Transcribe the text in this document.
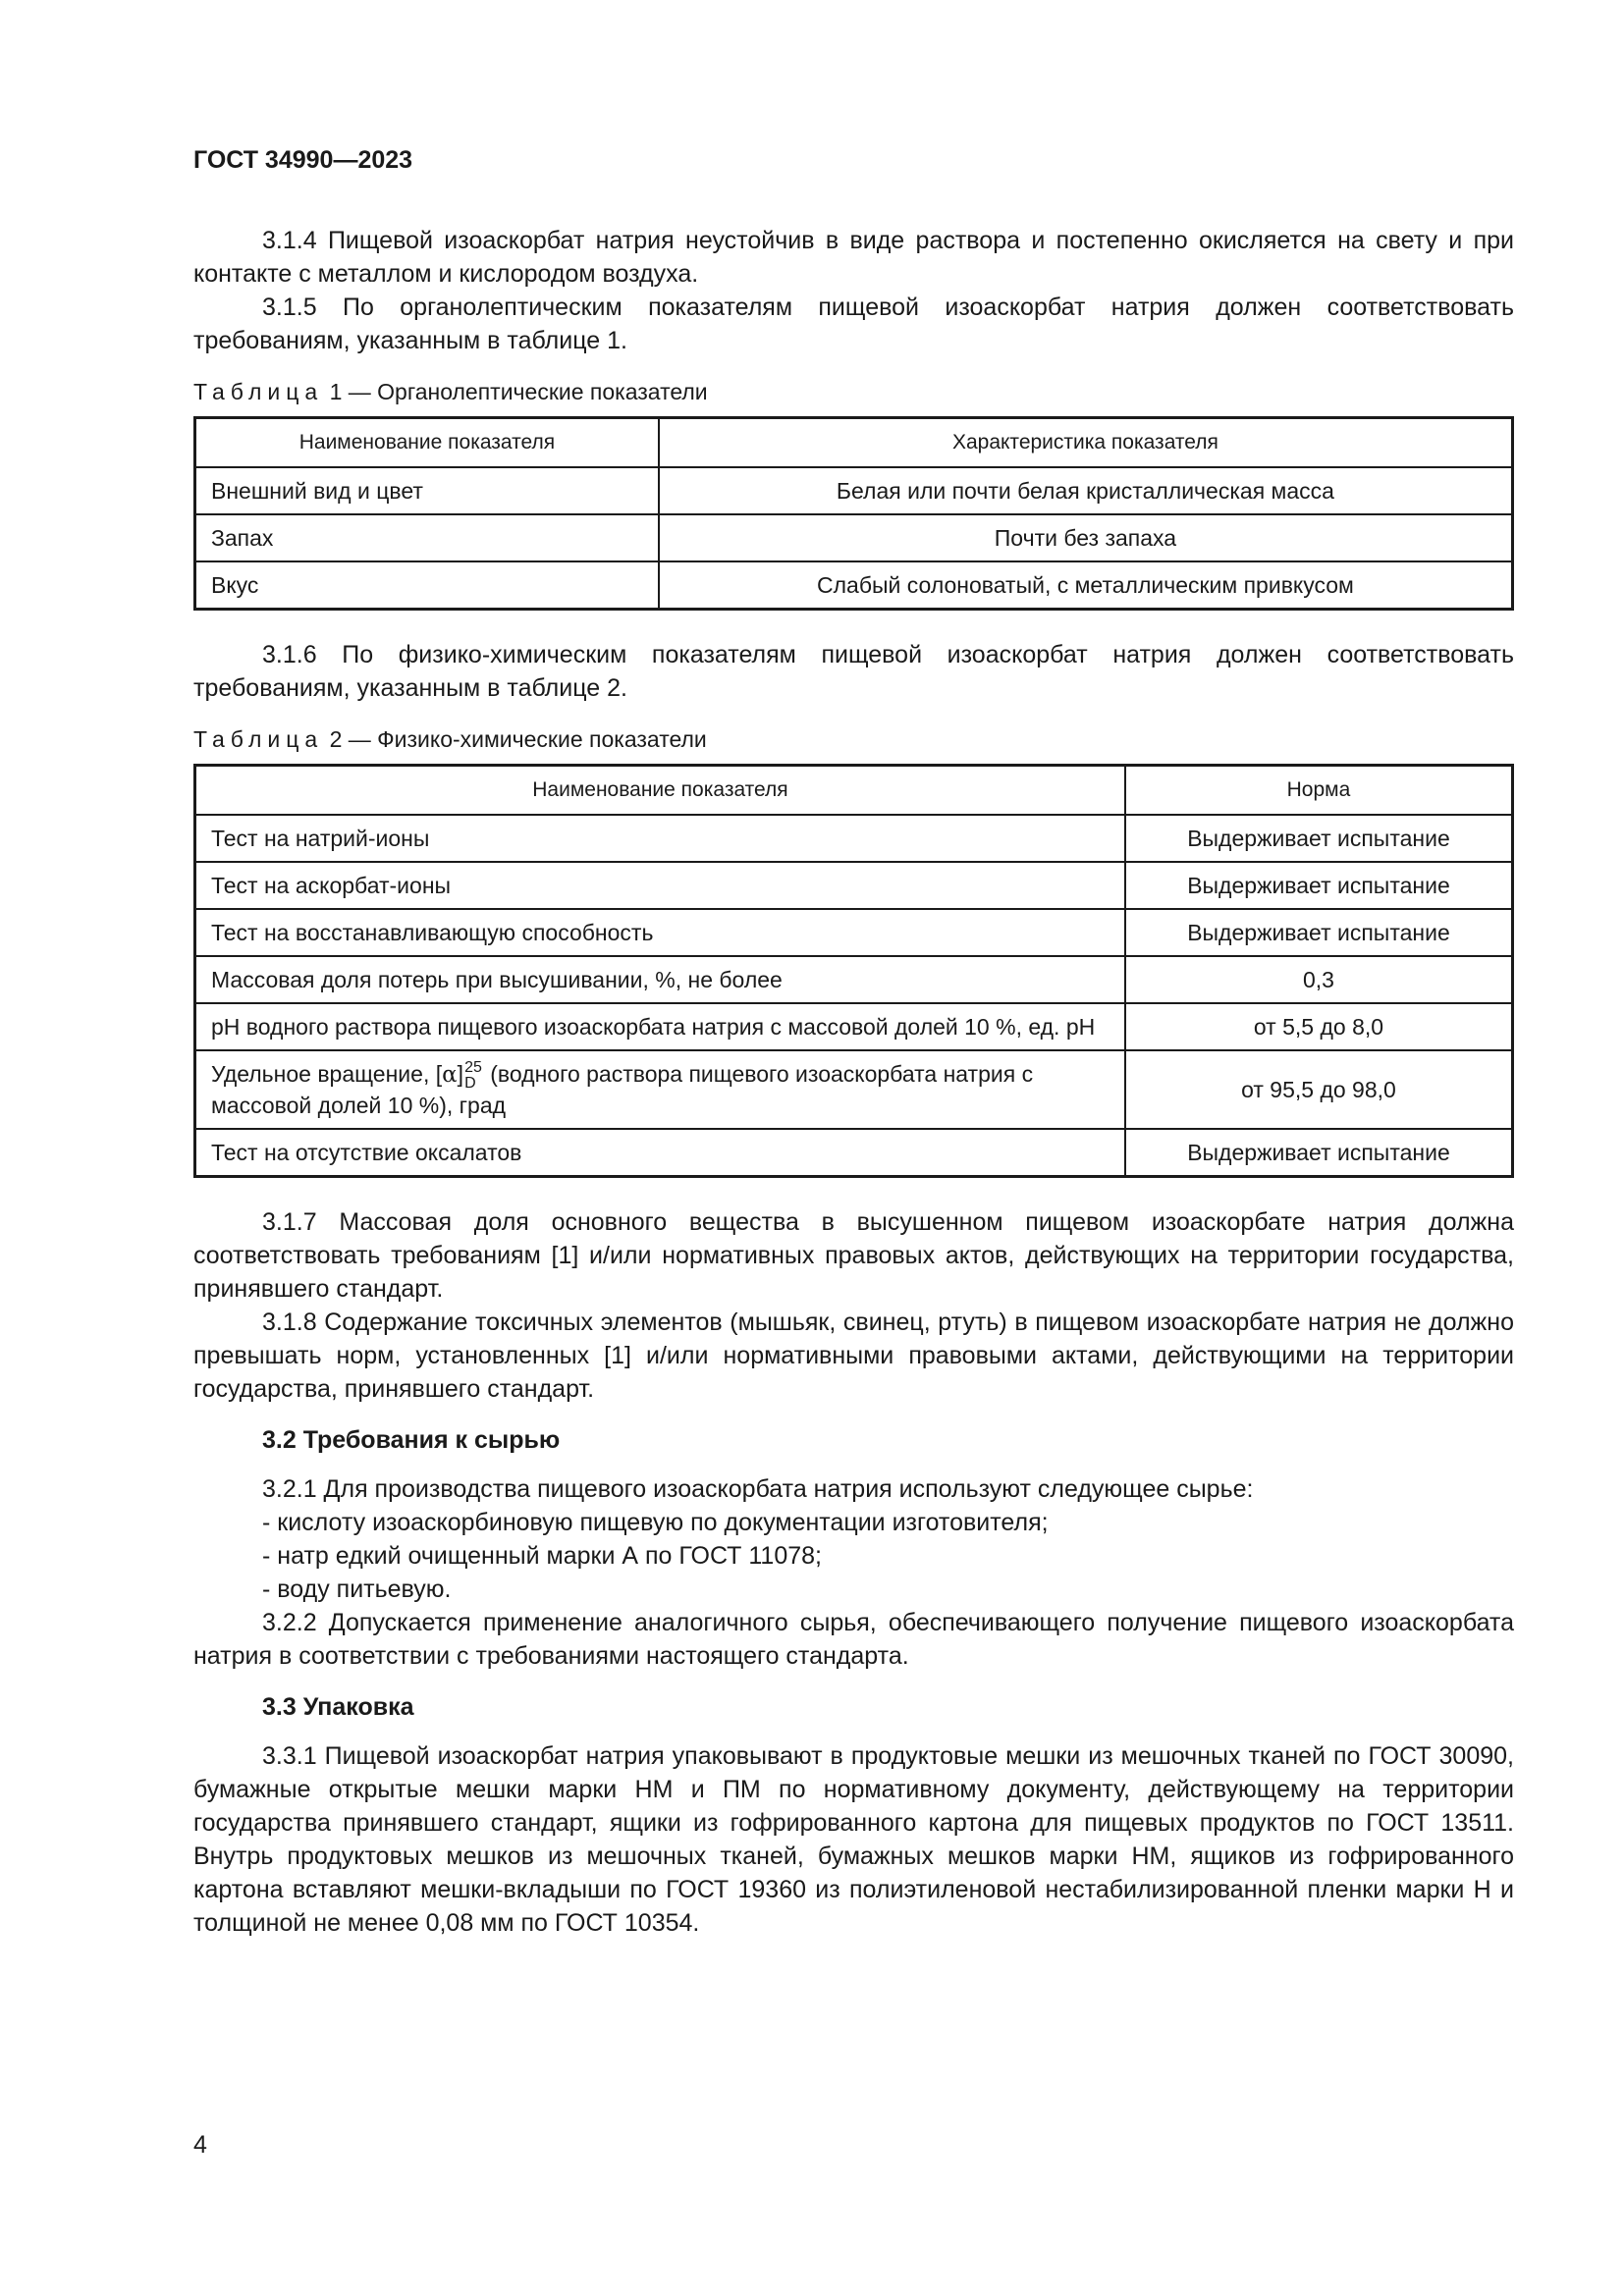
ГОСТ 34990—2023

3.1.4 Пищевой изоаскорбат натрия неустойчив в виде раствора и постепенно окисляется на свету и при контакте с металлом и кислородом воздуха.

3.1.5 По органолептическим показателям пищевой изоаскорбат натрия должен соответствовать требованиям, указанным в таблице 1.

Таблица 1 — Органолептические показатели
Наименование показателя	Характеристика показателя
Внешний вид и цвет	Белая или почти белая кристаллическая масса
Запах	Почти без запаха
Вкус	Слабый солоноватый, с металлическим привкусом

3.1.6 По физико-химическим показателям пищевой изоаскорбат натрия должен соответствовать требованиям, указанным в таблице 2.

Таблица 2 — Физико-химические показатели
Наименование показателя	Норма
Тест на натрий-ионы	Выдерживает испытание
Тест на аскорбат-ионы	Выдерживает испытание
Тест на восстанавливающую способность	Выдерживает испытание
Массовая доля потерь при высушивании, %, не более	0,3
рН водного раствора пищевого изоаскорбата натрия с массовой долей 10 %, ед. рН	от 5,5 до 8,0
Удельное вращение, [α] 25
D (водного раствора пищевого изоаскорбата натрия с массовой долей 10 %), град	от 95,5 до 98,0
Тест на отсутствие оксалатов	Выдерживает испытание

3.1.7 Массовая доля основного вещества в высушенном пищевом изоаскорбате натрия должна соответствовать требованиям [1] и/или нормативных правовых актов, действующих на территории государства, принявшего стандарт.

3.1.8 Содержание токсичных элементов (мышьяк, свинец, ртуть) в пищевом изоаскорбате натрия не должно превышать норм, установленных [1] и/или нормативными правовыми актами, действующими на территории государства, принявшего стандарт.

3.2 Требования к сырью

3.2.1 Для производства пищевого изоаскорбата натрия используют следующее сырье:

- кислоту изоаскорбиновую пищевую по документации изготовителя;

- натр едкий очищенный марки А по ГОСТ 11078;

- воду питьевую.

3.2.2 Допускается применение аналогичного сырья, обеспечивающего получение пищевого изоаскорбата натрия в соответствии с требованиями настоящего стандарта.

3.3 Упаковка

3.3.1 Пищевой изоаскорбат натрия упаковывают в продуктовые мешки из мешочных тканей по ГОСТ 30090, бумажные открытые мешки марки НМ и ПМ по нормативному документу, действующему на территории государства принявшего стандарт, ящики из гофрированного картона для пищевых продуктов по ГОСТ 13511. Внутрь продуктовых мешков из мешочных тканей, бумажных мешков марки НМ, ящиков из гофрированного картона вставляют мешки-вкладыши по ГОСТ 19360 из полиэтиленовой нестабилизированной пленки марки Н и толщиной не менее 0,08 мм по ГОСТ 10354.

4
